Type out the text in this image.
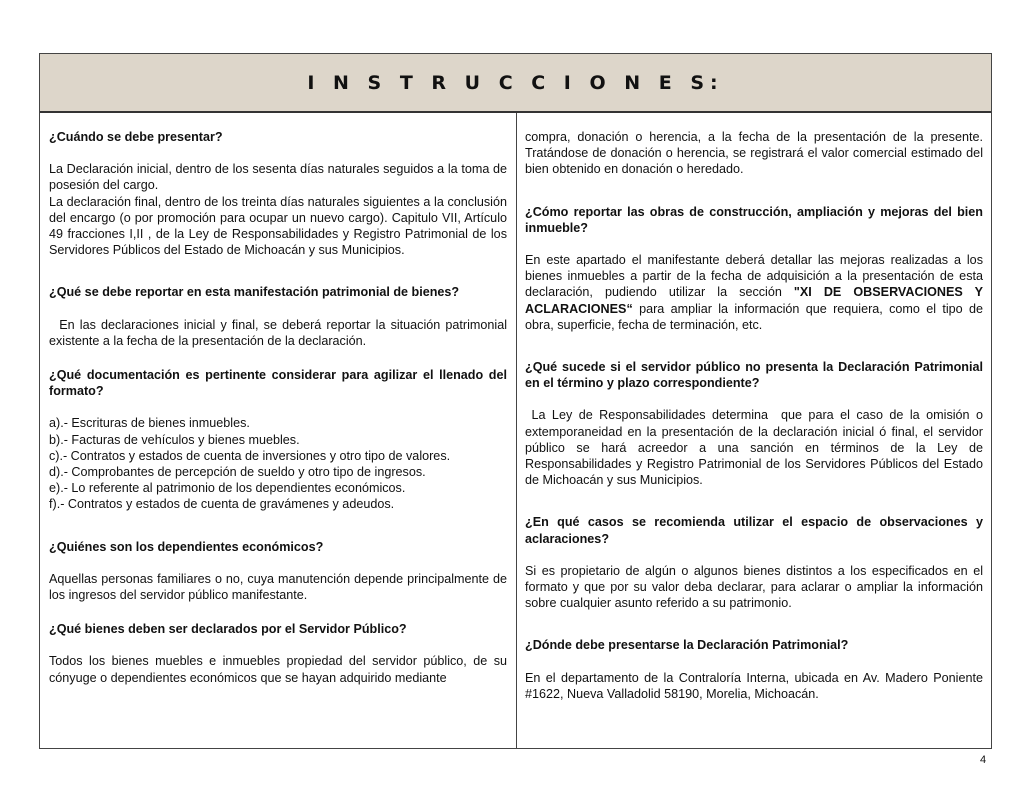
I N S T R U C C I O N E S:
¿Cuándo se debe presentar?
La Declaración inicial, dentro de los sesenta días naturales seguidos a la toma de posesión del cargo.
La declaración final, dentro de los treinta días naturales siguientes a la conclusión del encargo (o por promoción para ocupar un nuevo cargo). Capitulo VII, Artículo 49 fracciones I,II , de la Ley de Responsabilidades y Registro Patrimonial de los Servidores Públicos del Estado de Michoacán y sus Municipios.
¿Qué se debe reportar en esta manifestación patrimonial de bienes?
En las declaraciones inicial y final, se deberá reportar la situación patrimonial existente a la fecha de la presentación de la declaración.
¿Qué documentación es pertinente considerar para agilizar el llenado del formato?
a).- Escrituras de bienes inmuebles.
b).- Facturas de vehículos y bienes muebles.
c).- Contratos y estados de cuenta de inversiones y otro tipo de valores.
d).- Comprobantes de percepción de sueldo y otro tipo de ingresos.
e).- Lo referente al patrimonio de los dependientes económicos.
f).- Contratos y estados de cuenta de gravámenes y adeudos.
¿Quiénes son los dependientes económicos?
Aquellas personas familiares o no, cuya manutención depende principalmente de los ingresos del servidor público manifestante.
¿Qué bienes deben ser declarados por el Servidor Público?
Todos los bienes muebles e inmuebles propiedad del servidor público, de su cónyuge o dependientes económicos que se hayan adquirido mediante
compra, donación o herencia, a la fecha de la presentación de la presente. Tratándose de donación o herencia, se registrará el valor comercial estimado del bien obtenido en donación o heredado.
¿Cómo reportar las obras de construcción, ampliación y mejoras del bien inmueble?
En este apartado el manifestante deberá detallar las mejoras realizadas a los bienes inmuebles a partir de la fecha de adquisición a la presentación de esta declaración, pudiendo utilizar la sección "XI DE OBSERVACIONES Y ACLARACIONES“ para ampliar la información que requiera, como el tipo de obra, superficie, fecha de terminación, etc.
¿Qué sucede si el servidor público no presenta la Declaración Patrimonial en el término y plazo correspondiente?
La Ley de Responsabilidades determina  que para el caso de la omisión o extemporaneidad en la presentación de la declaración inicial ó final, el servidor público se hará acreedor a una sanción en términos de la Ley de Responsabilidades y Registro Patrimonial de los Servidores Públicos del Estado de Michoacán y sus Municipios.
¿En qué casos se recomienda utilizar el espacio de observaciones y aclaraciones?
Si es propietario de algún o algunos bienes distintos a los especificados en el formato y que por su valor deba declarar, para aclarar o ampliar la información sobre cualquier asunto referido a su patrimonio.
¿Dónde debe presentarse la Declaración Patrimonial?
En el departamento de la Contraloría Interna, ubicada en Av. Madero Poniente #1622, Nueva Valladolid 58190, Morelia, Michoacán.
4
